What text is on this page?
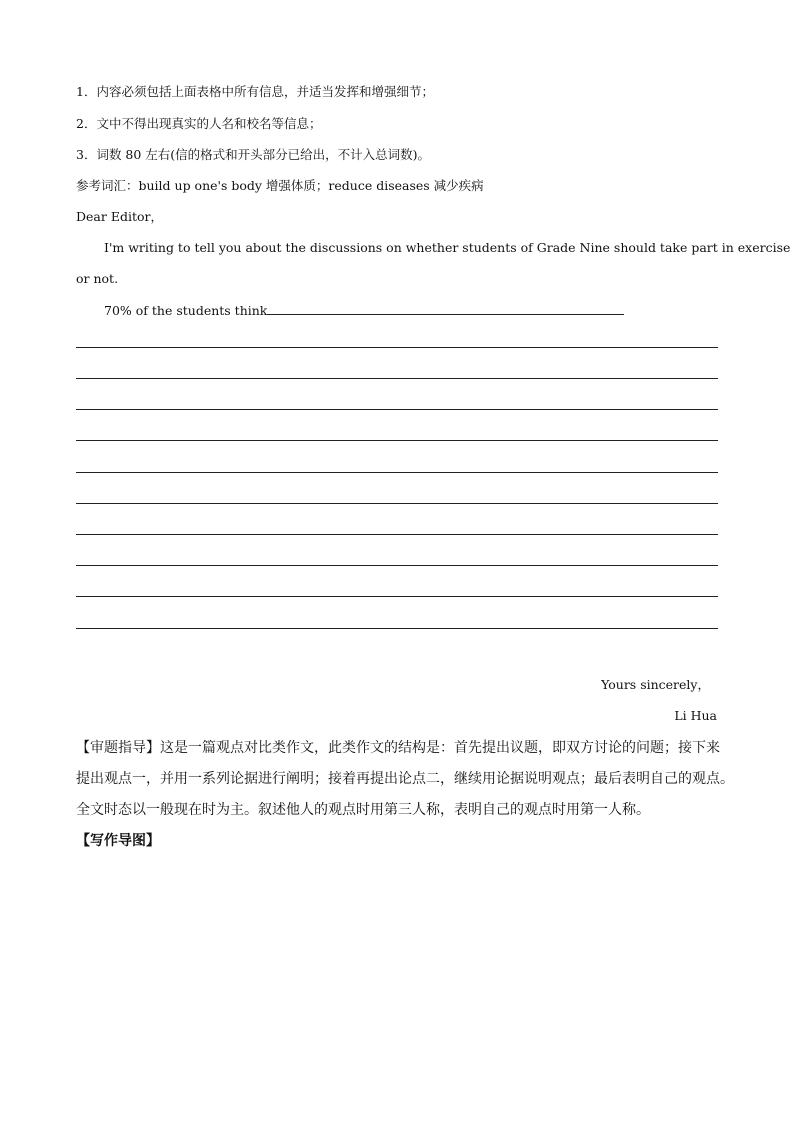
1．内容必须包括上面表格中所有信息，并适当发挥和增强细节；
2．文中不得出现真实的人名和校名等信息；
3．词数 80 左右(信的格式和开头部分已给出，不计入总词数)。
参考词汇：build up one's body 增强体质；reduce diseases 减少疾病
Dear Editor，
I'm writing to tell you about the discussions on whether students of Grade Nine should take part in exercise
or not.
70% of the students think
Yours sincerely，
Li Hua
【审题指导】这是一篇观点对比类作文，此类作文的结构是：首先提出议题，即双方讨论的问题；接下来
提出观点一，并用一系列论据进行阐明；接着再提出论点二，继续用论据说明观点；最后表明自己的观点。
全文时态以一般现在时为主。叙述他人的观点时用第三人称，表明自己的观点时用第一人称。
【写作导图】
